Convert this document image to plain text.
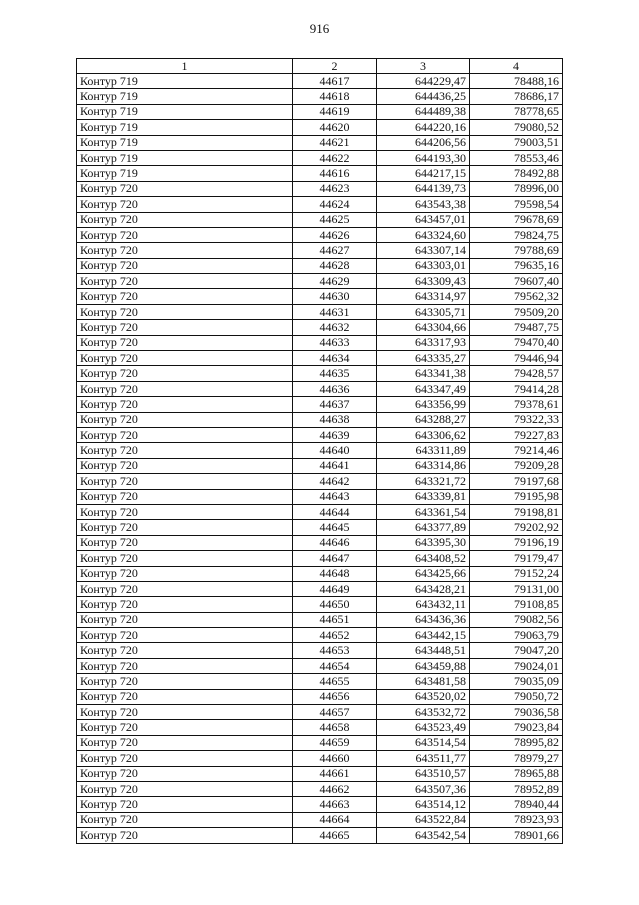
916
1	2	3	4
Контур 719	44617	644229,47	78488,16
Контур 719	44618	644436,25	78686,17
Контур 719	44619	644489,38	78778,65
Контур 719	44620	644220,16	79080,52
Контур 719	44621	644206,56	79003,51
Контур 719	44622	644193,30	78553,46
Контур 719	44616	644217,15	78492,88
Контур 720	44623	644139,73	78996,00
Контур 720	44624	643543,38	79598,54
Контур 720	44625	643457,01	79678,69
Контур 720	44626	643324,60	79824,75
Контур 720	44627	643307,14	79788,69
Контур 720	44628	643303,01	79635,16
Контур 720	44629	643309,43	79607,40
Контур 720	44630	643314,97	79562,32
Контур 720	44631	643305,71	79509,20
Контур 720	44632	643304,66	79487,75
Контур 720	44633	643317,93	79470,40
Контур 720	44634	643335,27	79446,94
Контур 720	44635	643341,38	79428,57
Контур 720	44636	643347,49	79414,28
Контур 720	44637	643356,99	79378,61
Контур 720	44638	643288,27	79322,33
Контур 720	44639	643306,62	79227,83
Контур 720	44640	643311,89	79214,46
Контур 720	44641	643314,86	79209,28
Контур 720	44642	643321,72	79197,68
Контур 720	44643	643339,81	79195,98
Контур 720	44644	643361,54	79198,81
Контур 720	44645	643377,89	79202,92
Контур 720	44646	643395,30	79196,19
Контур 720	44647	643408,52	79179,47
Контур 720	44648	643425,66	79152,24
Контур 720	44649	643428,21	79131,00
Контур 720	44650	643432,11	79108,85
Контур 720	44651	643436,36	79082,56
Контур 720	44652	643442,15	79063,79
Контур 720	44653	643448,51	79047,20
Контур 720	44654	643459,88	79024,01
Контур 720	44655	643481,58	79035,09
Контур 720	44656	643520,02	79050,72
Контур 720	44657	643532,72	79036,58
Контур 720	44658	643523,49	79023,84
Контур 720	44659	643514,54	78995,82
Контур 720	44660	643511,77	78979,27
Контур 720	44661	643510,57	78965,88
Контур 720	44662	643507,36	78952,89
Контур 720	44663	643514,12	78940,44
Контур 720	44664	643522,84	78923,93
Контур 720	44665	643542,54	78901,66
